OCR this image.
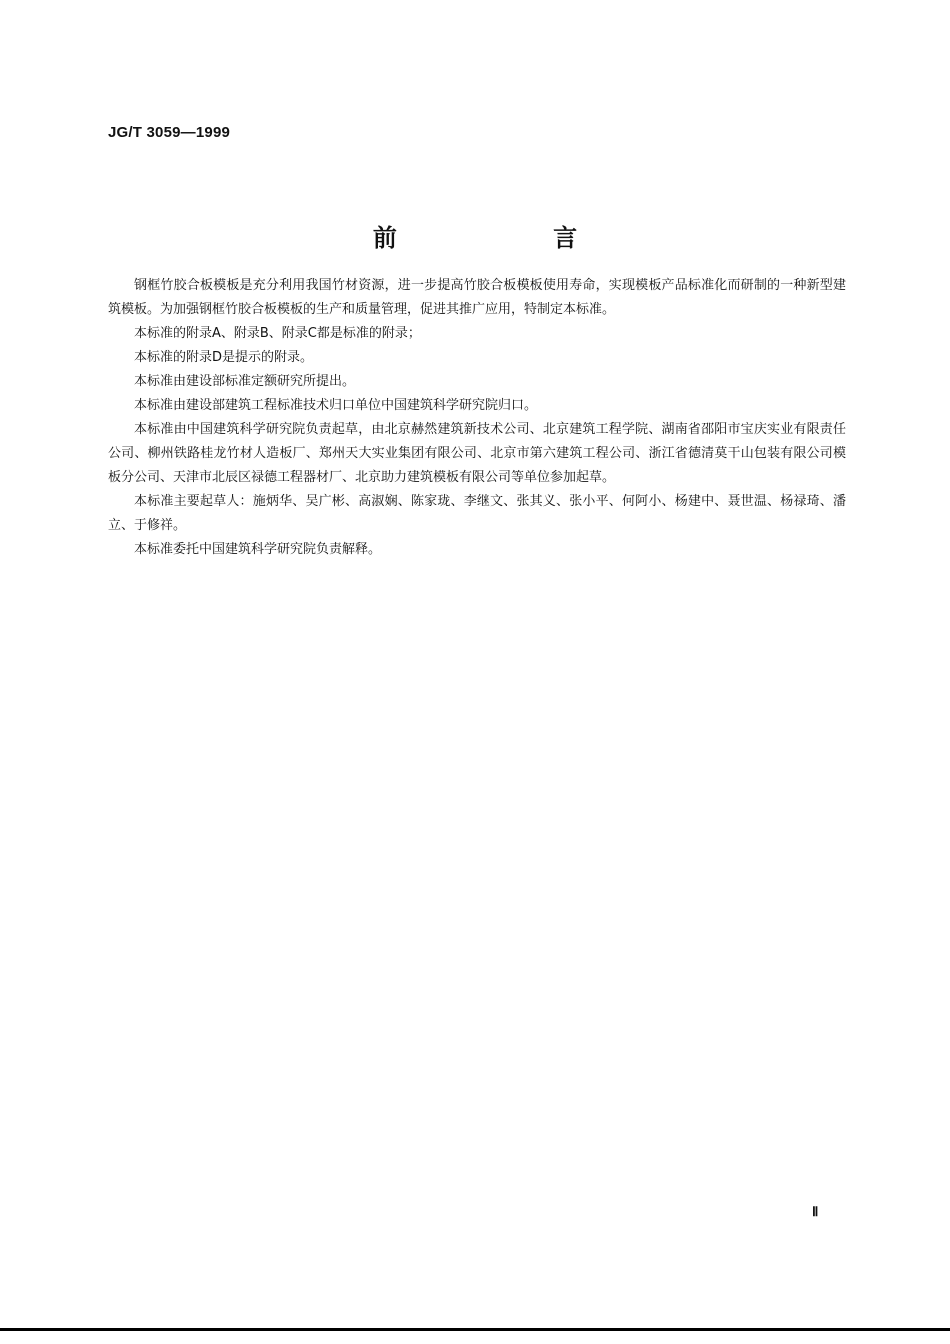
JG/T 3059—1999
前 言

钢框竹胶合板模板是充分利用我国竹材资源，进一步提高竹胶合板模板使用寿命，实现模板产品标准化而研制的一种新型建筑模板。为加强钢框竹胶合板模板的生产和质量管理，促进其推广应用，特制定本标准。

本标准的附录A、附录B、附录C都是标准的附录；

本标准的附录D是提示的附录。

本标准由建设部标准定额研究所提出。

本标准由建设部建筑工程标准技术归口单位中国建筑科学研究院归口。

本标准由中国建筑科学研究院负责起草，由北京赫然建筑新技术公司、北京建筑工程学院、湖南省邵阳市宝庆实业有限责任公司、柳州铁路桂龙竹材人造板厂、郑州天大实业集团有限公司、北京市第六建筑工程公司、浙江省德清莫干山包装有限公司模板分公司、天津市北辰区禄德工程器材厂、北京助力建筑模板有限公司等单位参加起草。

本标准主要起草人：施炳华、吴广彬、高淑娴、陈家珑、李继文、张其义、张小平、何阿小、杨建中、聂世温、杨禄琦、潘立、于修祥。

本标准委托中国建筑科学研究院负责解释。

Ⅱ
